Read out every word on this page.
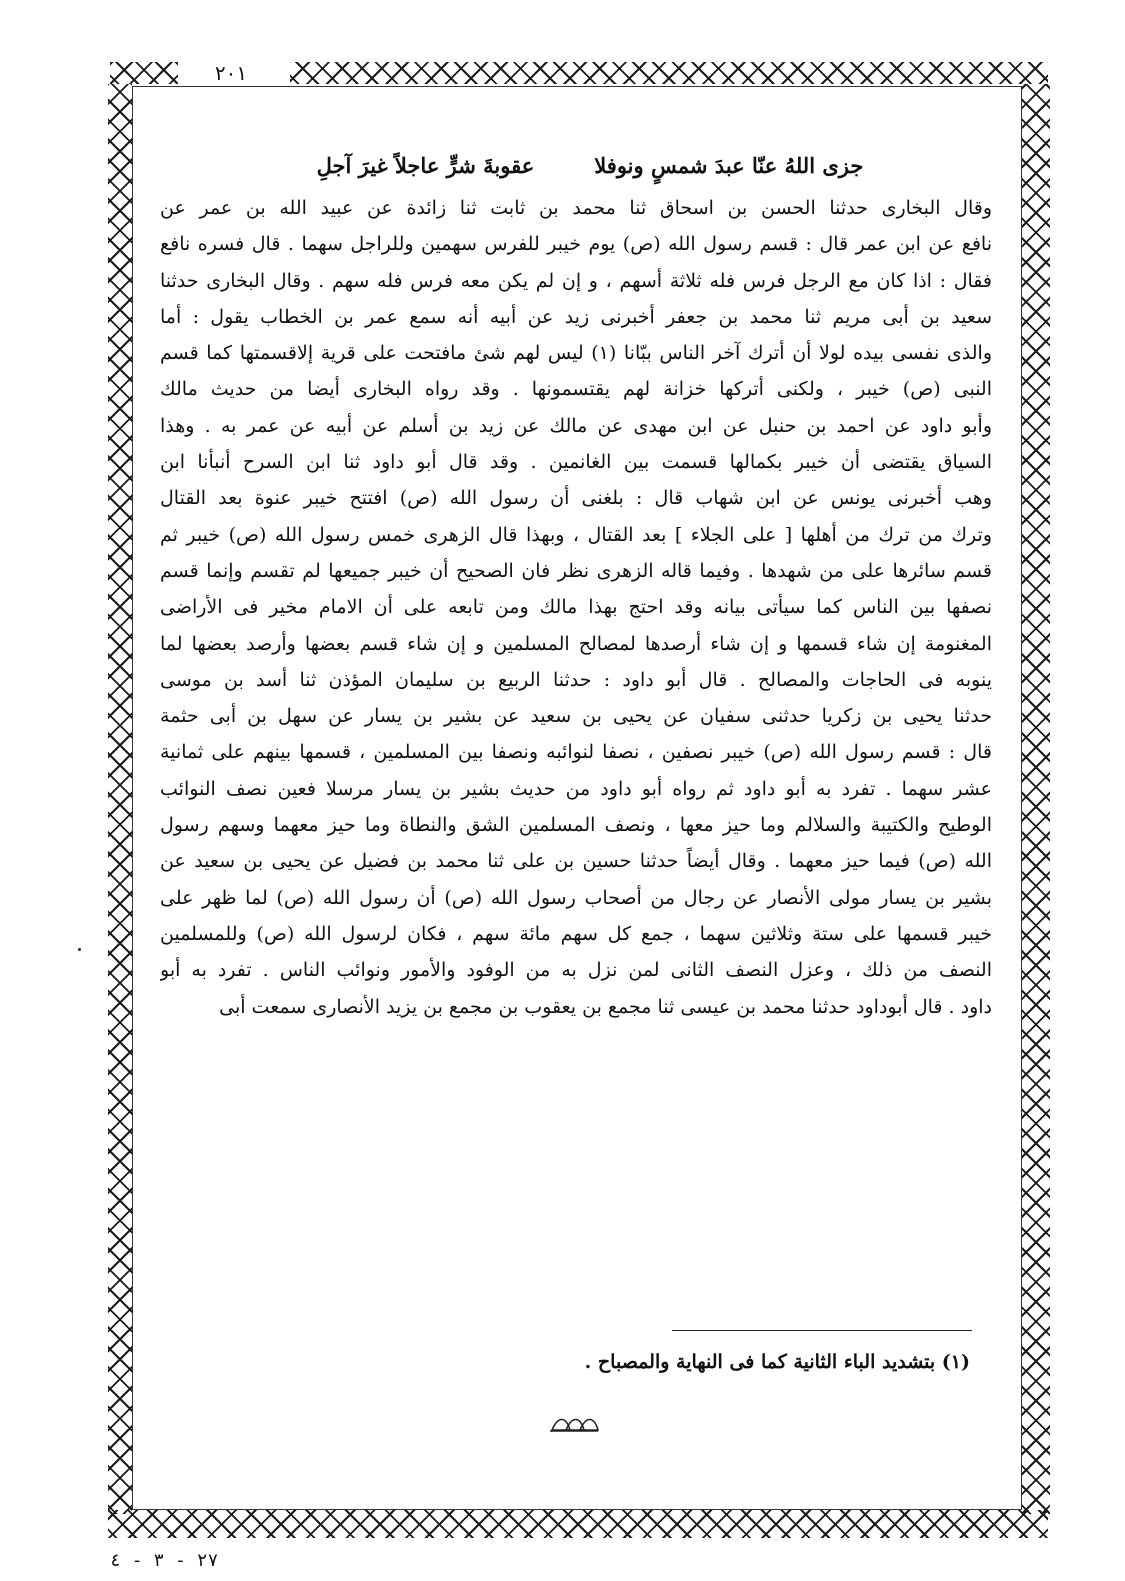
٢٠١
جزى اللهُ عنّا عبدَ شمسٍ ونوفلا
عقوبةَ شرٍّ عاجلاً غيرَ آجلِ
وقال البخارى حدثنا الحسن بن اسحاق ثنا محمد بن ثابت ثنا زائدة عن عبيد الله بن عمر عن
نافع عن ابن عمر قال : قسم رسول الله (ص) يوم خيبر للفرس سهمين وللراجل سهما . قال فسره نافع
فقال : اذا كان مع الرجل فرس فله ثلاثة أسهم ، و إن لم يكن معه فرس فله سهم . وقال البخارى حدثنا
سعيد بن أبى مريم ثنا محمد بن جعفر أخبرنى زيد عن أبيه أنه سمع عمر بن الخطاب يقول : أما
والذى نفسى بيده لولا أن أترك آخر الناس ببّانا (١) ليس لهم شئ مافتحت على قرية إلاقسمتها كما قسم
النبى (ص) خيبر ، ولكنى أتركها خزانة لهم يقتسمونها . وقد رواه البخارى أيضا من حديث مالك
وأبو داود عن احمد بن حنبل عن ابن مهدى عن مالك عن زيد بن أسلم عن أبيه عن عمر به . وهذا
السياق يقتضى أن خيبر بكمالها قسمت بين الغانمين . وقد قال أبو داود ثنا ابن السرح أنبأنا ابن
وهب أخبرنى يونس عن ابن شهاب قال : بلغنى أن رسول الله (ص) افتتح خيبر عنوة بعد القتال
وترك من ترك من أهلها [ على الجلاء ] بعد القتال ، وبهذا قال الزهرى خمس رسول الله (ص) خيبر ثم
قسم سائرها على من شهدها . وفيما قاله الزهرى نظر فان الصحيح أن خيبر جميعها لم تقسم وإنما قسم
نصفها بين الناس كما سيأتى بيانه وقد احتج بهذا مالك ومن تابعه على أن الامام مخير فى الأراضى
المغنومة إن شاء قسمها و إن شاء أرصدها لمصالح المسلمين و إن شاء قسم بعضها وأرصد بعضها لما
ينوبه فى الحاجات والمصالح . قال أبو داود : حدثنا الربيع بن سليمان المؤذن ثنا أسد بن موسى
حدثنا يحيى بن زكريا حدثنى سفيان عن يحيى بن سعيد عن بشير بن يسار عن سهل بن أبى حثمة
قال : قسم رسول الله (ص) خيبر نصفين ، نصفا لنوائبه ونصفا بين المسلمين ، قسمها بينهم على ثمانية
عشر سهما . تفرد به أبو داود ثم رواه أبو داود من حديث بشير بن يسار مرسلا فعين نصف النوائب
الوطيح والكتيبة والسلالم وما حيز معها ، ونصف المسلمين الشق والنطاة وما حيز معهما وسهم رسول
الله (ص) فيما حيز معهما . وقال أيضاً حدثنا حسين بن على ثنا محمد بن فضيل عن يحيى بن سعيد عن
بشير بن يسار مولى الأنصار عن رجال من أصحاب رسول الله (ص) أن رسول الله (ص) لما ظهر على
خيبر قسمها على ستة وثلاثين سهما ، جمع كل سهم مائة سهم ، فكان لرسول الله (ص) وللمسلمين
النصف من ذلك ، وعزل النصف الثانى لمن نزل به من الوفود والأمور ونوائب الناس . تفرد به أبو
داود . قال أبوداود حدثنا محمد بن عيسى ثنا مجمع بن يعقوب بن مجمع بن يزيد الأنصارى سمعت أبى
(١) بتشديد الباء الثانية كما فى النهاية والمصباح .
٢٧ - ٣ - ٤
